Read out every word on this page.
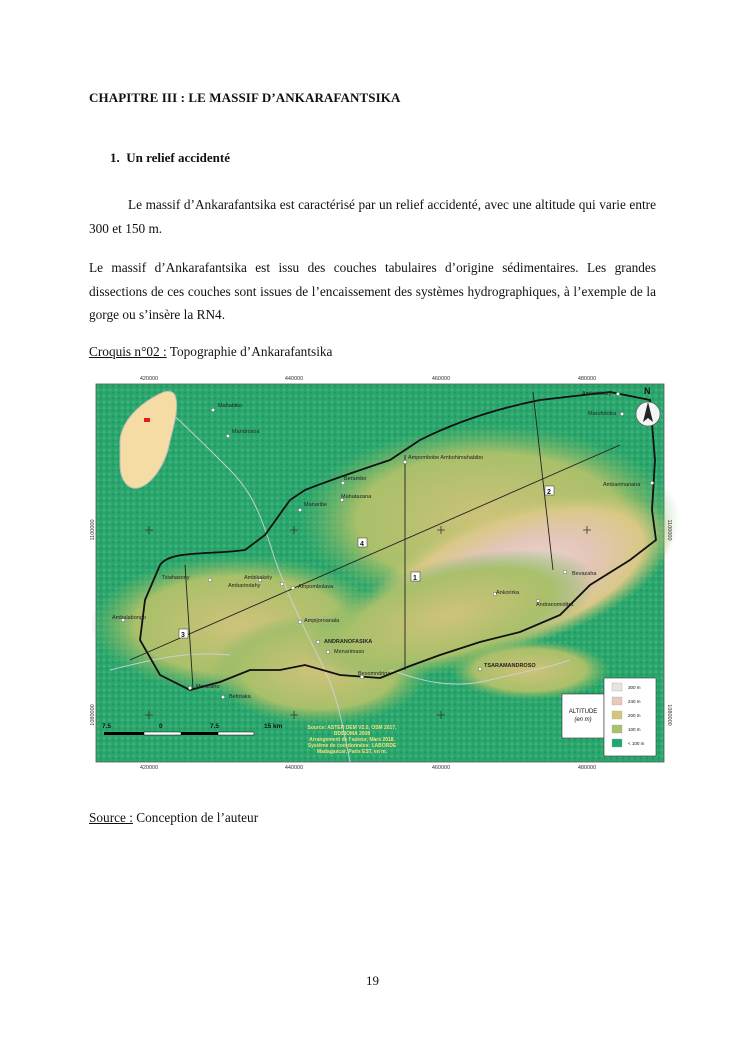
CHAPITRE III : LE MASSIF D’ANKARAFANTSIKA
1. Un relief accidenté
Le massif d’Ankarafantsika est caractérisé par un relief accidenté, avec une altitude qui varie entre 300 et 150 m.
Le massif d’Ankarafantsika est issu des couches tabulaires d’origine sédimentaires. Les grandes dissections de ces couches sont issues de l’encaissement des systèmes hydrographiques, à l’exemple de la gorge ou s’insère la RN4.
Croquis n°02 : Topographie d’Ankarafantsika
1
2
3
4
Mahabibo
Mandrosoa
Berambo
Mahatazana
Manaribe
Ampombobe Ambohimahabibo
Ambohibary
Marofototra
Ambarimanana
Tsiahasony	Ambikakely
Ambarindahy	Ampombolava
Ambalabongo	Ampijoroanala
ANDRANOFASIKA
Menarimaso
Besomndrina
TSARAMANDROSO
Morarano
Befotaka
Ankorirka
Andranomiditra
Bevazaha
N
7.5	0	7.5	15 km	Source: ASTER DEM V2.0, OSM 2017,
BDBIOMA 2008
Arrangement de l’auteur, Mars 2018.
Système de coordonnées: LABORDE
Madagascar, Paris EST, en m.
ALTITUDE
(en m)
300 m
240 m
200 m
100 m
< 100 m
420000	440000	460000	480000
420000	440000	460000	480000
1100000
1080000
1100000
1080000
Source : Conception de l’auteur
19
